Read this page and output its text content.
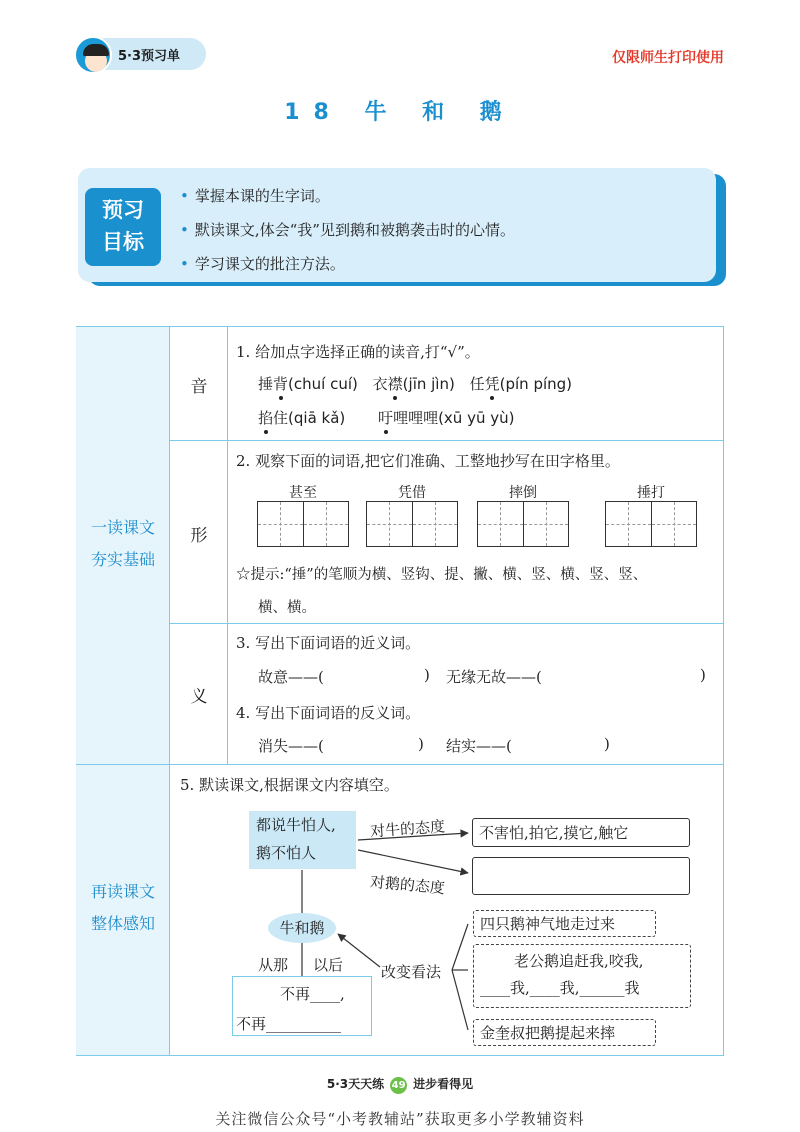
5·3预习单	仅限师生打印使用
18 牛 和 鹅
预习
目标
• 掌握本课的生字词。
• 默读课文,体会“我”见到鹅和被鹅袭击时的心情。
• 学习课文的批注方法。
一读课文
夯实基础
再读课文
整体感知
音
1. 给加点字选择正确的读音,打“√”。
捶背(chuí cuí) 衣襟(jīn jìn) 任凭(pín píng)
掐住(qiā kǎ) 吁哩哩哩(xū yū yù)
形
2. 观察下面的词语,把它们准确、工整地抄写在田字格里。
甚至	凭借	摔倒	捶打
☆提示:“捶”的笔顺为横、竖钩、提、撇、横、竖、横、竖、竖、
横、横。
义
3. 写出下面词语的近义词。
故意——(	) 无缘无故——(	)
4. 写出下面词语的反义词。
消失——(	) 结实——(	)
5. 默读课文,根据课文内容填空。
都说牛怕人,
鹅不怕人
对牛的态度
对鹅的态度
不害怕,拍它,摸它,触它
牛和鹅
从那 以后	改变看法
不再____,
不再__________
四只鹅神气地走过来
老公鹅追赶我,咬我,
____我,____我,______我
金奎叔把鹅提起来摔
5·3天天练 49 进步看得见
关注微信公众号“小考教辅站”获取更多小学教辅资料
